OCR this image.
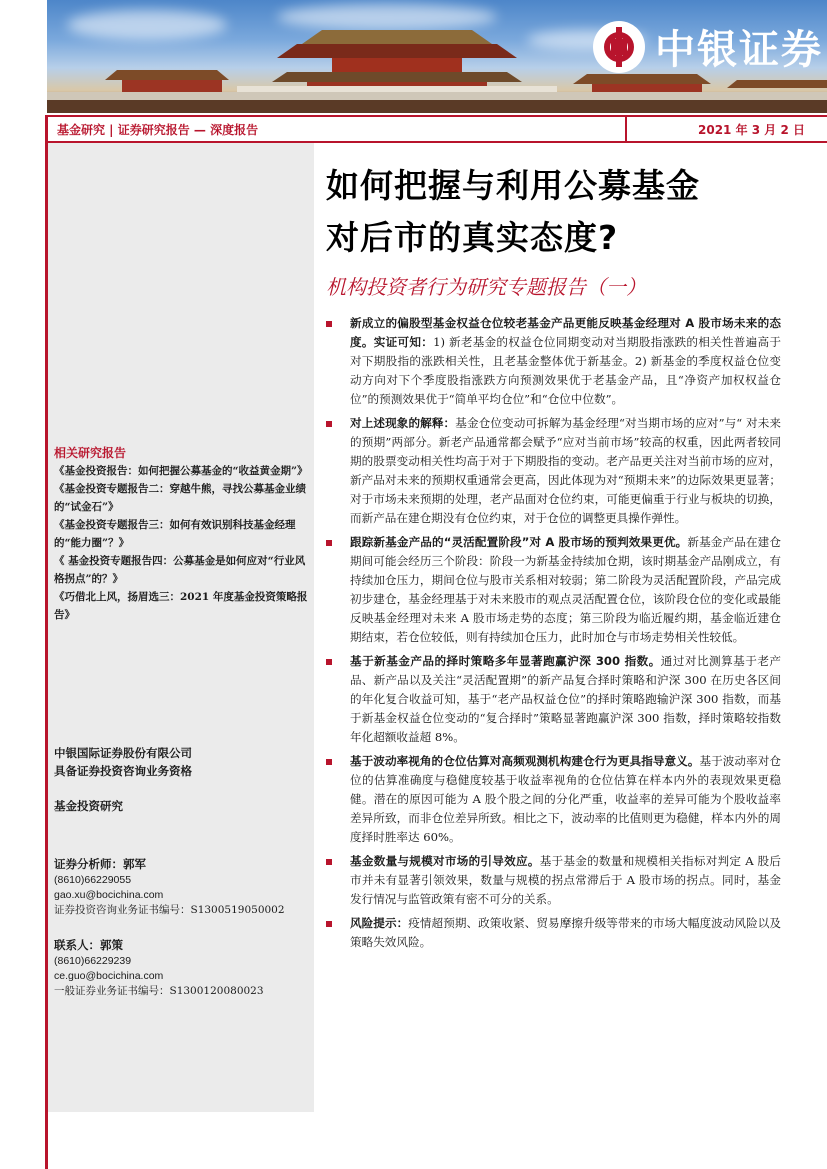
中银证券
基金研究 | 证券研究报告 — 深度报告	2021 年 3 月 2 日
相关研究报告
《基金投资报告：如何把握公募基金的“收益黄金期”》
《基金投资专题报告二：穿越牛熊，寻找公募基金业绩的“试金石”》
《基金投资专题报告三：如何有效识别科技基金经理的“能力圈”？》
《 基金投资专题报告四：公募基金是如何应对“行业风格拐点”的？》
《巧借北上风，扬眉选三：2021 年度基金投资策略报告》
中银国际证券股份有限公司
具备证券投资咨询业务资格
基金投资研究
证券分析师：郭军
(8610)66229055
gao.xu@bocichina.com
证券投资咨询业务证书编号：S1300519050002
联系人：郭策
(8610)66229239
ce.guo@bocichina.com
一般证券业务证书编号：S1300120080023
如何把握与利用公募基金
对后市的真实态度?
机构投资者行为研究专题报告（一）
新成立的偏股型基金权益仓位较老基金产品更能反映基金经理对 A 股市场未来的态度。实证可知：1) 新老基金的权益仓位同期变动对当期股指涨跌的相关性普遍高于对下期股指的涨跌相关性，且老基金整体优于新基金。2) 新基金的季度权益仓位变动方向对下个季度股指涨跌方向预测效果优于老基金产品，且“净资产加权权益仓位”的预测效果优于“简单平均仓位”和“仓位中位数”。
对上述现象的解释：基金仓位变动可拆解为基金经理“对当期市场的应对”与“ 对未来的预期”两部分。新老产品通常都会赋予“应对当前市场”较高的权重，因此两者较同期的股票变动相关性均高于对于下期股指的变动。老产品更关注对当前市场的应对，新产品对未来的预期权重通常会更高，因此体现为对“预期未来”的边际效果更显著；对于市场未来预期的处理，老产品面对仓位约束，可能更偏重于行业与板块的切换，而新产品在建仓期没有仓位约束，对于仓位的调整更具操作弹性。
跟踪新基金产品的“灵活配置阶段”对 A 股市场的预判效果更优。新基金产品在建仓期间可能会经历三个阶段：阶段一为新基金持续加仓期，该时期基金产品刚成立，有持续加仓压力，期间仓位与股市关系相对较弱；第二阶段为灵活配置阶段，产品完成初步建仓，基金经理基于对未来股市的观点灵活配置仓位，该阶段仓位的变化或最能反映基金经理对未来 A 股市场走势的态度；第三阶段为临近履约期，基金临近建仓期结束，若仓位较低，则有持续加仓压力，此时加仓与市场走势相关性较低。
基于新基金产品的择时策略多年显著跑赢沪深 300 指数。通过对比测算基于老产品、新产品以及关注“灵活配置期”的新产品复合择时策略和沪深 300 在历史各区间的年化复合收益可知，基于“老产品权益仓位”的择时策略跑输沪深 300 指数，而基于新基金权益仓位变动的“复合择时”策略显著跑赢沪深 300 指数，择时策略较指数年化超额收益超 8%。
基于波动率视角的仓位估算对高频观测机构建仓行为更具指导意义。基于波动率对仓位的估算准确度与稳健度较基于收益率视角的仓位估算在样本内外的表现效果更稳健。潜在的原因可能为 A 股个股之间的分化严重，收益率的差异可能为个股收益率差异所致，而非仓位差异所致。相比之下，波动率的比值则更为稳健，样本内外的周度择时胜率达 60%。
基金数量与规模对市场的引导效应。基于基金的数量和规模相关指标对判定 A 股后市并未有显著引领效果，数量与规模的拐点常滞后于 A 股市场的拐点。同时，基金发行情况与监管政策有密不可分的关系。
风险提示：疫情超预期、政策收紧、贸易摩擦升级等带来的市场大幅度波动风险以及策略失效风险。
